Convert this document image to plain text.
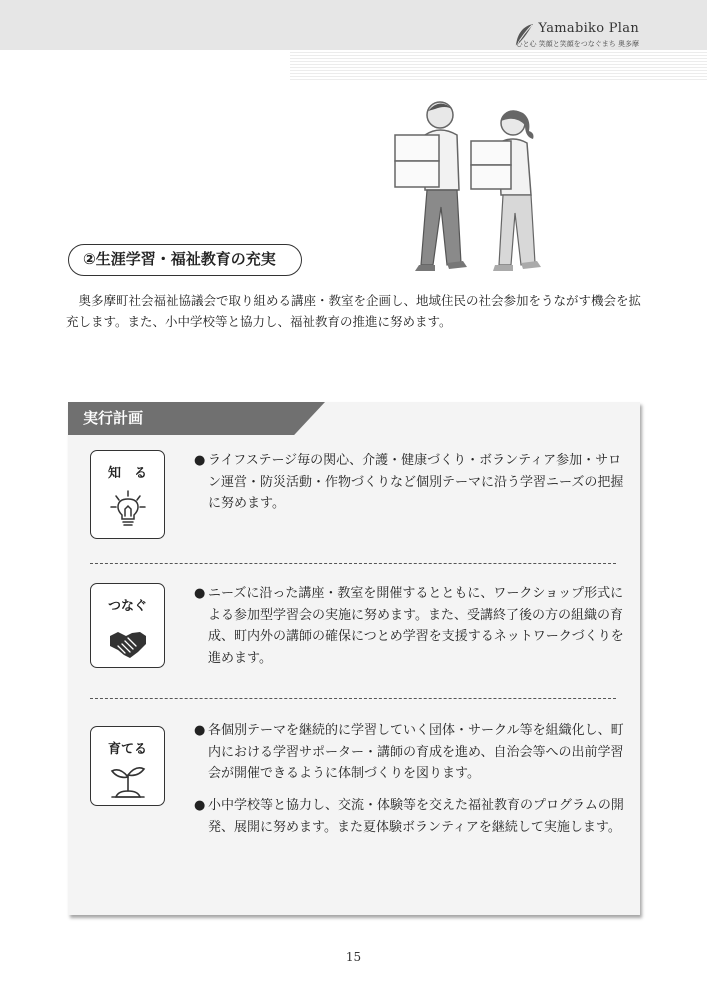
Yamabiko Plan
心と心 笑顔と笑顔をつなぐまち 奥多摩
②生涯学習・福祉教育の充実
奥多摩町社会福祉協議会で取り組める講座・教室を企画し、地域住民の社会参加をうながす機会を拡充します。また、小中学校等と協力し、福祉教育の推進に努めます。
実行計画
知　る
● ライフステージ毎の関心、介護・健康づくり・ボランティア参加・サロン運営・防災活動・作物づくりなど個別テーマに沿う学習ニーズの把握に努めます。
つなぐ
● ニーズに沿った講座・教室を開催するとともに、ワークショップ形式による参加型学習会の実施に努めます。また、受講終了後の方の組織の育成、町内外の講師の確保につとめ学習を支援するネットワークづくりを進めます。
育てる
● 各個別テーマを継続的に学習していく団体・サークル等を組織化し、町内における学習サポーター・講師の育成を進め、自治会等への出前学習会が開催できるように体制づくりを図ります。
● 小中学校等と協力し、交流・体験等を交えた福祉教育のプログラムの開発、展開に努めます。また夏体験ボランティアを継続して実施します。
15
